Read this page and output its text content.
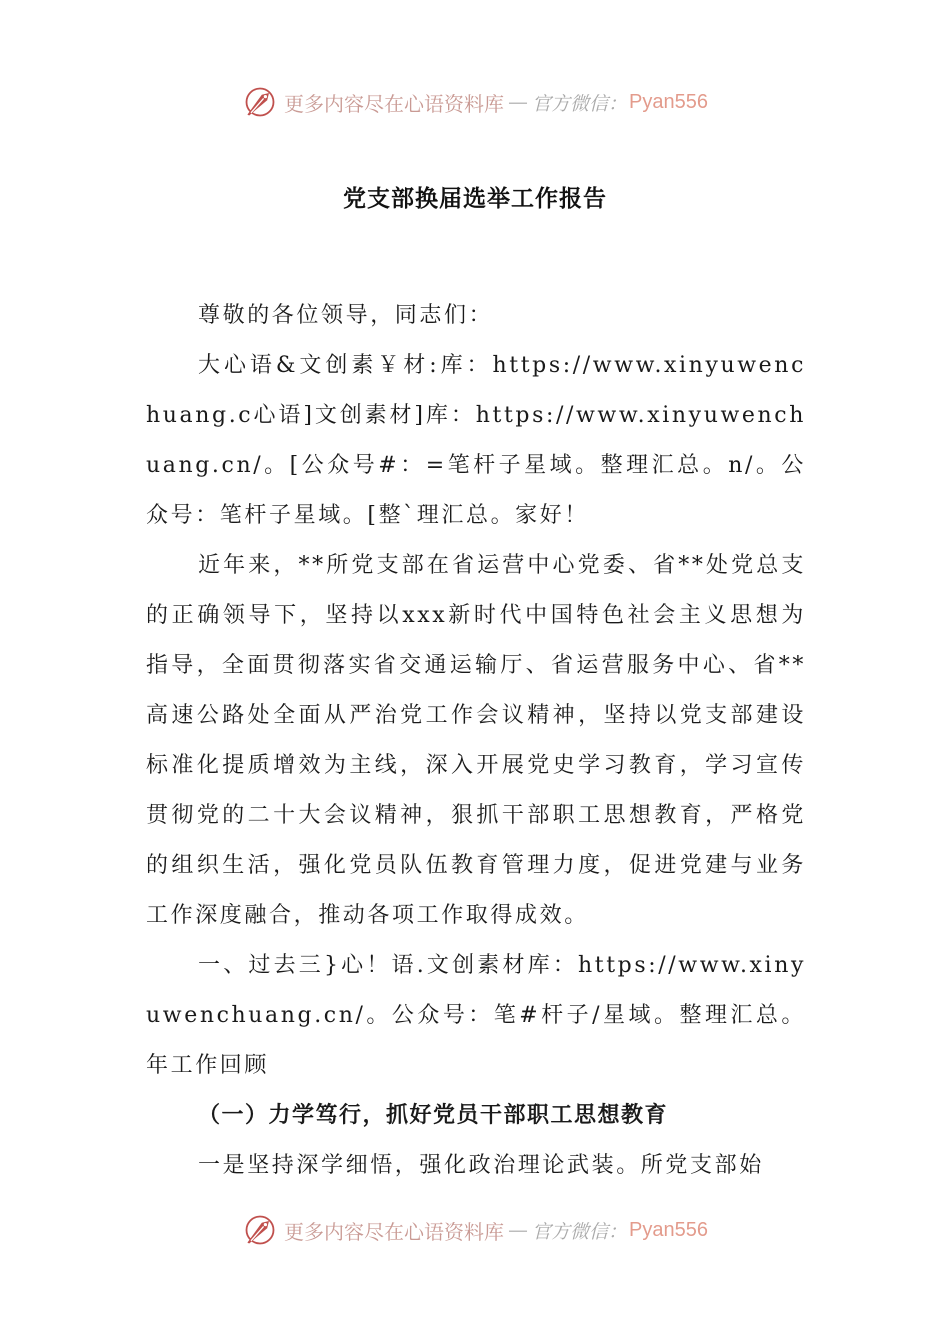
更多内容尽在心语资料库 — 官方微信： Pyan556
党支部换届选举工作报告

尊敬的各位领导，同志们：

大心语&文创素￥材:库：https://www.xinyuwenchuang.c心语]文创素材]库：https://www.xinyuwenchuang.cn/。[公众号#：=笔杆子星域。整理汇总。n/。公众号：笔杆子星域。[整`理汇总。家好！

近年来，**所党支部在省运营中心党委、省**处党总支的正确领导下，坚持以xxx新时代中国特色社会主义思想为指导，全面贯彻落实省交通运输厅、省运营服务中心、省**高速公路处全面从严治党工作会议精神，坚持以党支部建设标准化提质增效为主线，深入开展党史学习教育，学习宣传贯彻党的二十大会议精神，狠抓干部职工思想教育，严格党的组织生活，强化党员队伍教育管理力度，促进党建与业务工作深度融合，推动各项工作取得成效。

一、过去三}心！语.文创素材库：https://www.xinyuwenchuang.cn/。公众号：笔#杆子/星域。整理汇总。年工作回顾

（一）力学笃行，抓好党员干部职工思想教育

一是坚持深学细悟，强化政治理论武装。所党支部始

更多内容尽在心语资料库 — 官方微信： Pyan556
